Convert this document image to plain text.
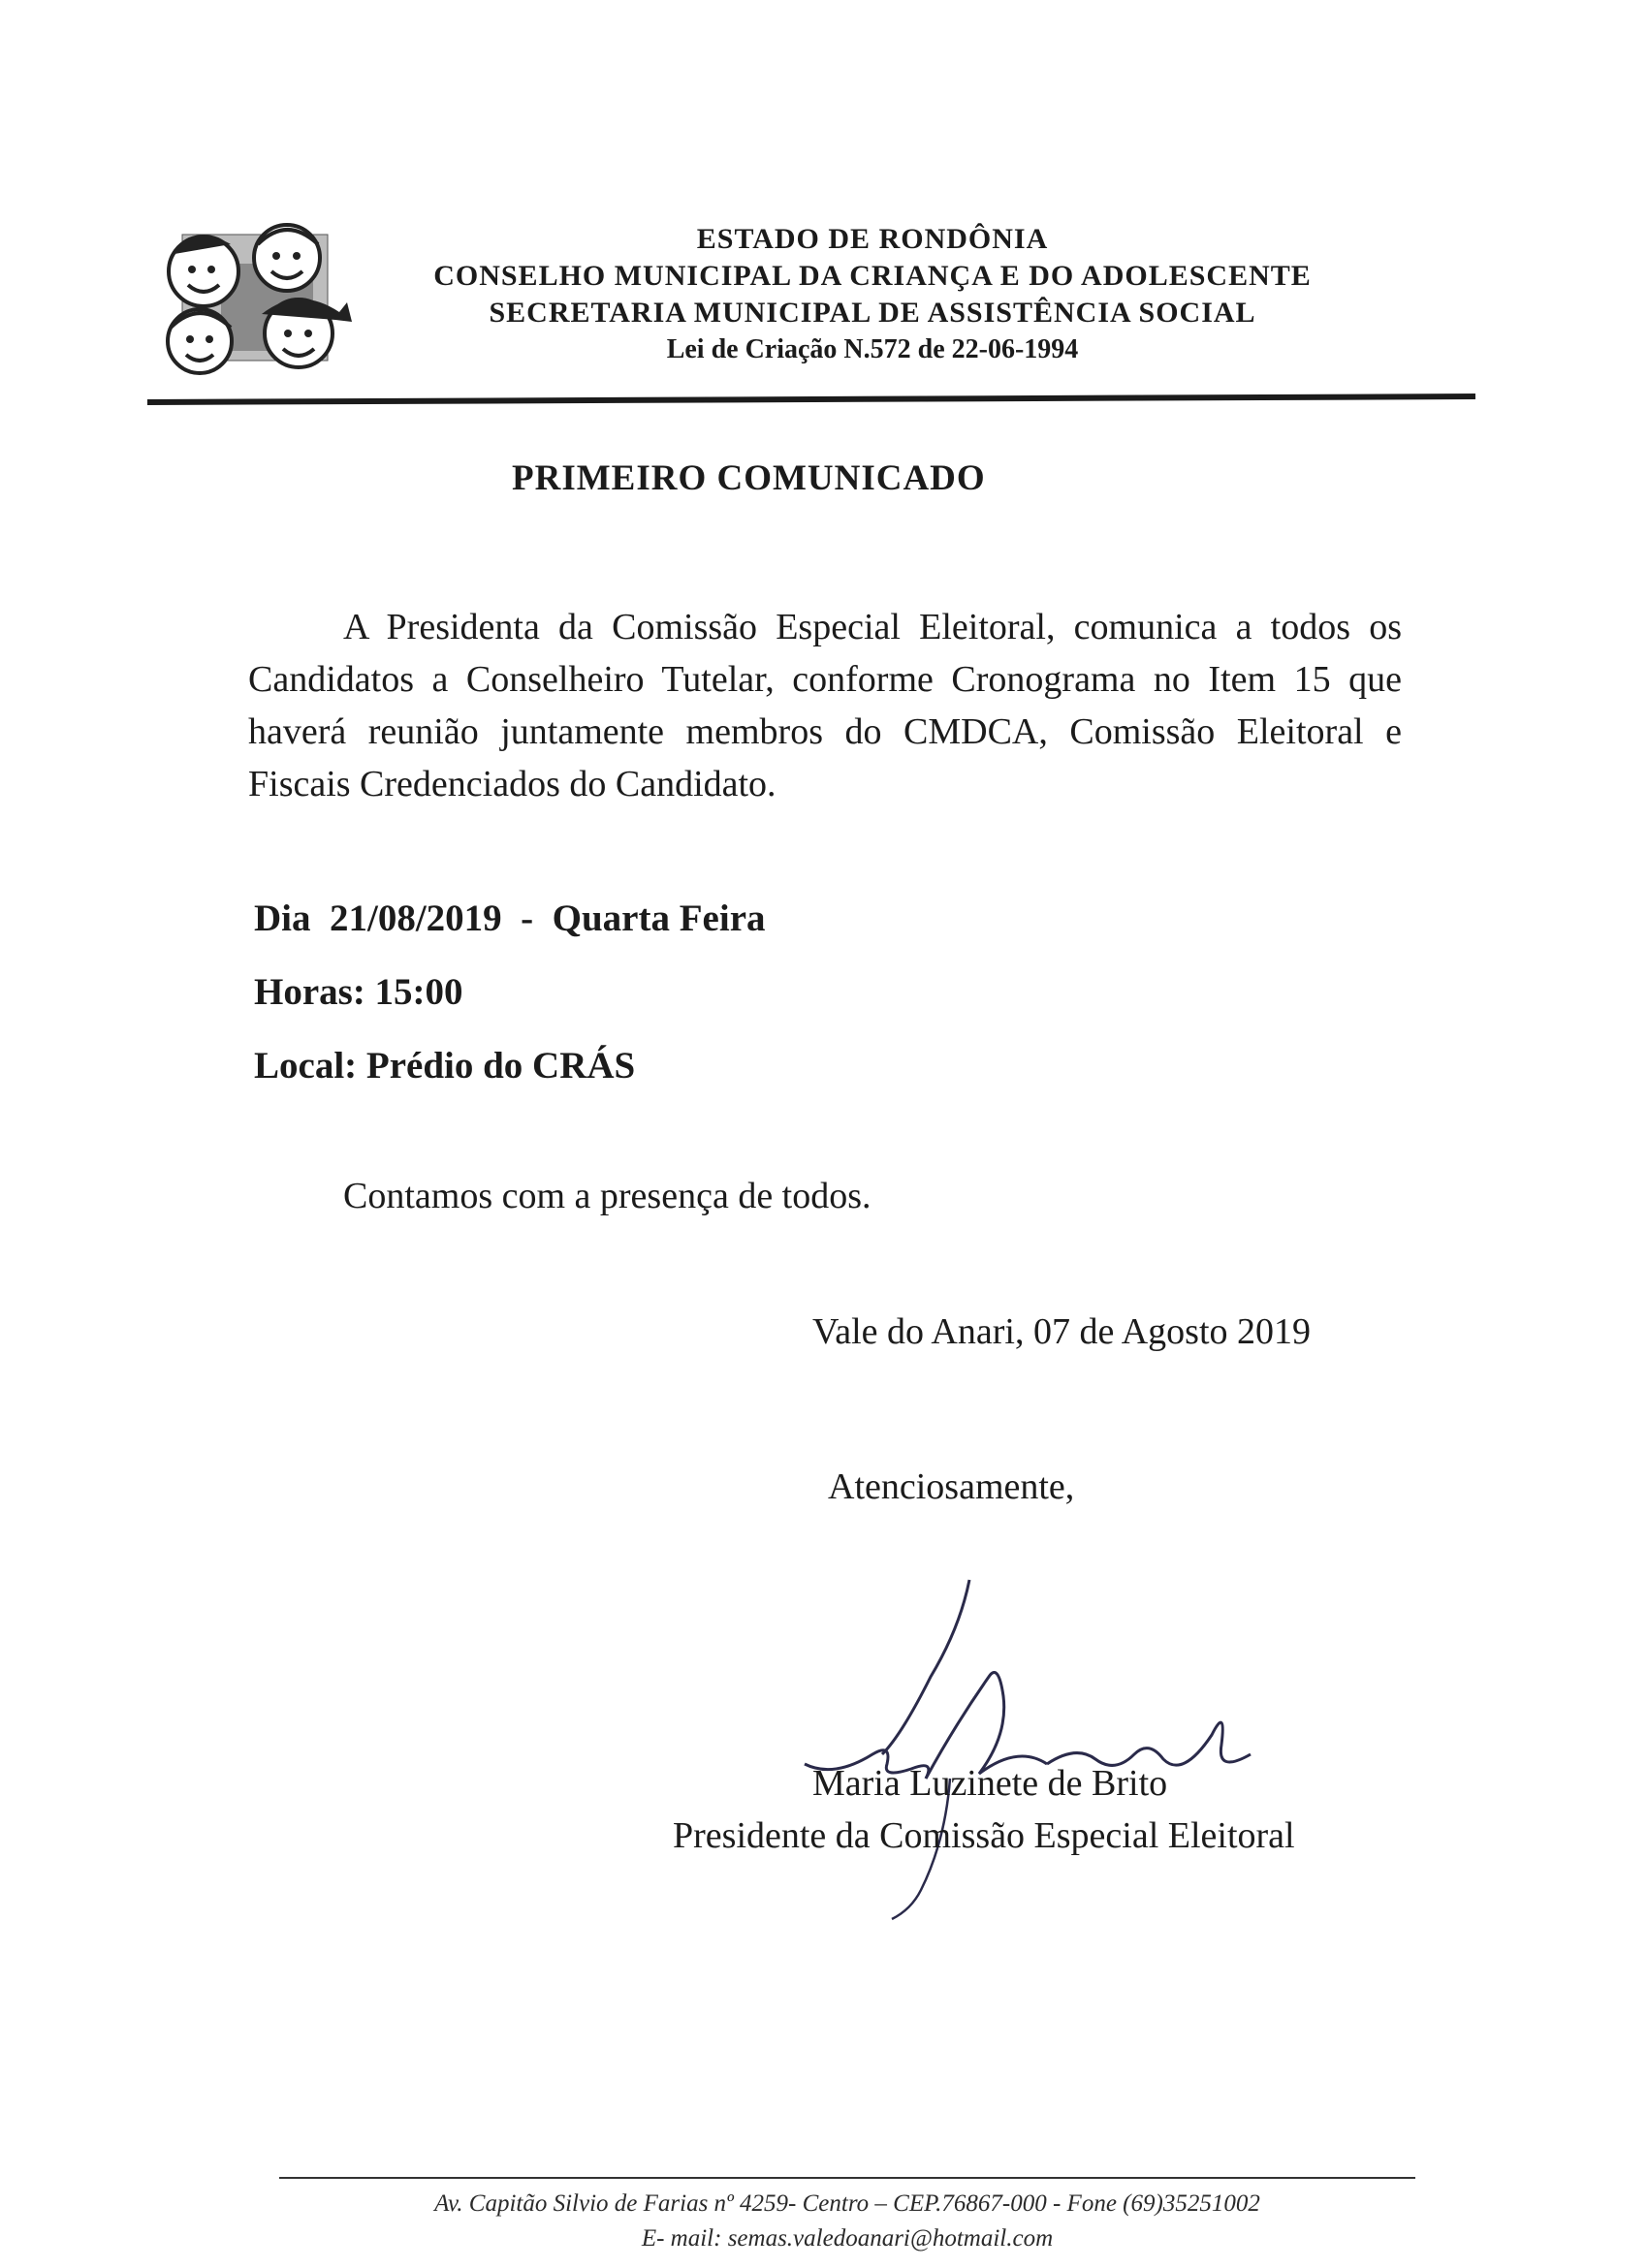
ESTADO DE RONDÔNIA
CONSELHO MUNICIPAL DA CRIANÇA E DO ADOLESCENTE
SECRETARIA MUNICIPAL DE ASSISTÊNCIA SOCIAL
Lei de Criação N.572 de 22-06-1994
PRIMEIRO COMUNICADO
A Presidenta da Comissão Especial Eleitoral, comunica a todos os Candidatos a Conselheiro Tutelar, conforme Cronograma no Item 15 que haverá reunião juntamente membros do CMDCA, Comissão Eleitoral e Fiscais Credenciados do Candidato.
Dia  21/08/2019  -  Quarta Feira
Horas: 15:00
Local: Prédio do CRÁS
Contamos com a presença de todos.
Vale do Anari, 07 de Agosto 2019
Atenciosamente,
Maria Luzinete de Brito
Presidente da Comissão Especial Eleitoral
Av. Capitão Silvio de Farias nº 4259- Centro – CEP.76867-000 - Fone (69)35251002
E- mail: semas.valedoanari@hotmail.com
